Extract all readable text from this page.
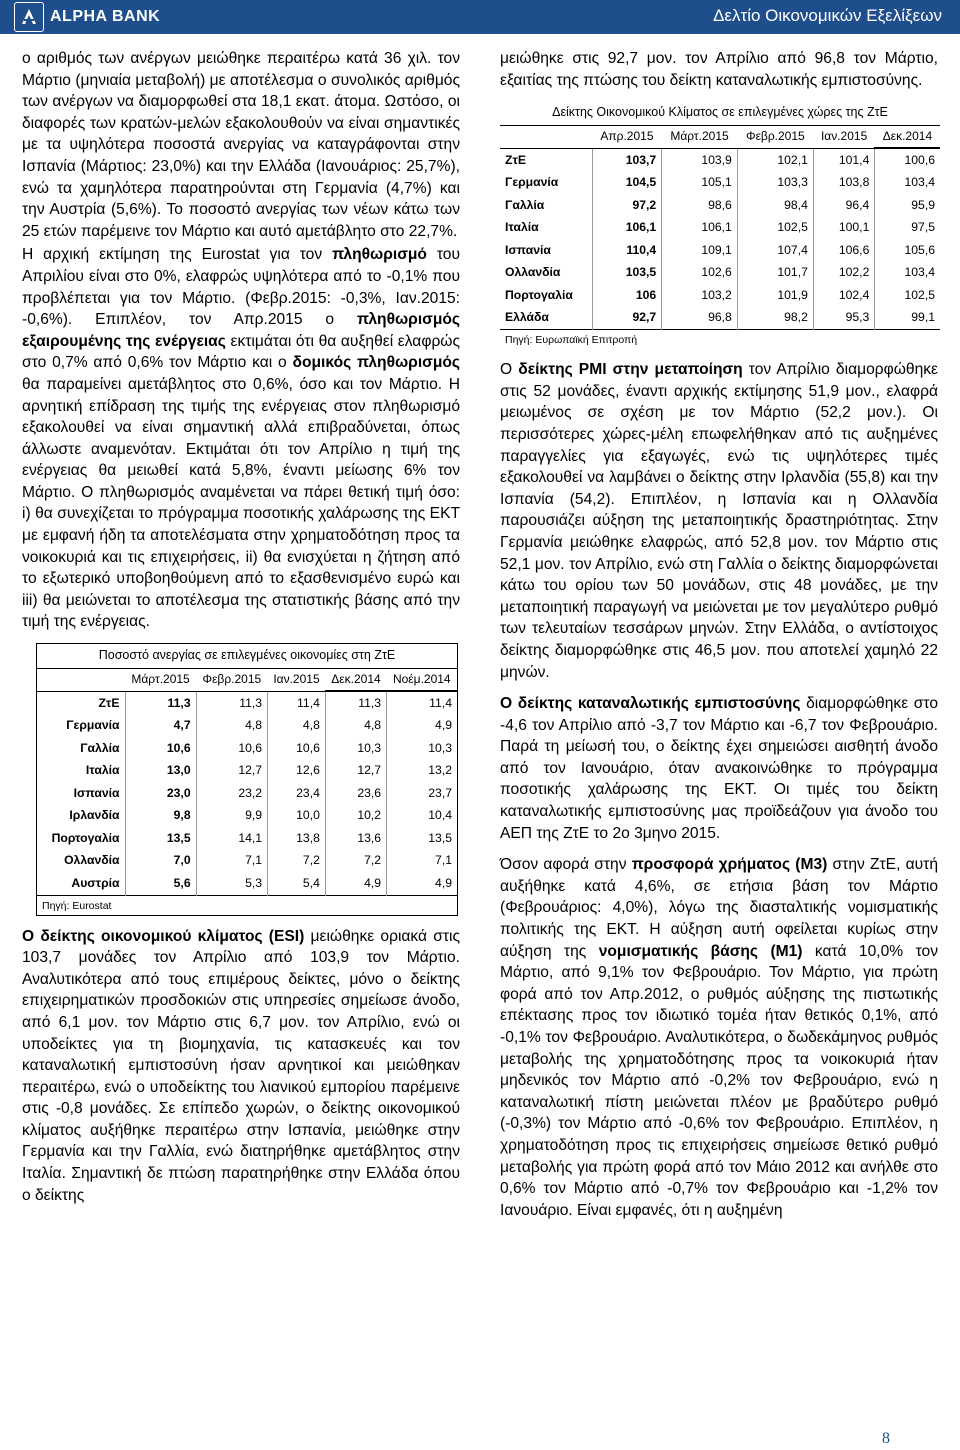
ALPHA BANK	Δελτίο Οικονομικών Εξελίξεων

ο αριθμός των ανέργων μειώθηκε περαιτέρω κατά 36 χιλ. τον Μάρτιο (μηνιαία μεταβολή) με αποτέλεσμα ο συνολικός αριθμός των ανέργων να διαμορφωθεί στα 18,1 εκατ. άτομα. Ωστόσο, οι διαφορές των κρατών-μελών εξακολουθούν να είναι σημαντικές με τα υψηλότερα ποσοστά ανεργίας να καταγράφονται στην Ισπανία (Μάρτιος: 23,0%) και την Ελλάδα (Ιανουάριος: 25,7%), ενώ τα χαμηλότερα παρατηρούνται στη Γερμανία (4,7%) και την Αυστρία (5,6%). Το ποσοστό ανεργίας των νέων κάτω των 25 ετών παρέμεινε τον Μάρτιο και αυτό αμετάβλητο στο 22,7%.

Η αρχική εκτίμηση της Eurostat για τον πληθωρισμό του Απριλίου είναι στο 0%, ελαφρώς υψηλότερα από το -0,1% που προβλέπεται για τον Μάρτιο. (Φεβρ.2015: -0,3%, Ιαν.2015: -0,6%). Επιπλέον, τον Απρ.2015 ο πληθωρισμός εξαιρουμένης της ενέργειας εκτιμάται ότι θα αυξηθεί ελαφρώς στο 0,7% από 0,6% τον Μάρτιο και ο δομικός πληθωρισμός θα παραμείνει αμετάβλητος στο 0,6%, όσο και τον Μάρτιο. Η αρνητική επίδραση της τιμής της ενέργειας στον πληθωρισμό εξακολουθεί να είναι σημαντική αλλά επιβραδύνεται, όπως άλλωστε αναμενόταν. Εκτιμάται ότι τον Απρίλιο η τιμή της ενέργειας θα μειωθεί κατά 5,8%, έναντι μείωσης 6% τον Μάρτιο. Ο πληθωρισμός αναμένεται να πάρει θετική τιμή όσο: i) θα συνεχίζεται το πρόγραμμα ποσοτικής χαλάρωσης της ΕΚΤ με εμφανή ήδη τα αποτελέσματα στην χρηματοδότηση προς τα νοικοκυριά και τις επιχειρήσεις, ii) θα ενισχύεται η ζήτηση από το εξωτερικό υποβοηθούμενη από το εξασθενισμένο ευρώ και iii) θα μειώνεται το αποτέλεσμα της στατιστικής βάσης από την τιμή της ενέργειας.

Ποσοστό ανεργίας σε επιλεγμένες οικονομίες στη ΖτΕ					
	Μάρτ.2015	Φεβρ.2015	Ιαν.2015	Δεκ.2014	Νοέμ.2014
ΖτΕ	11,3	11,3	11,4	11,3	11,4
Γερμανία	4,7	4,8	4,8	4,8	4,9
Γαλλία	10,6	10,6	10,6	10,3	10,3
Ιταλία	13,0	12,7	12,6	12,7	13,2
Ισπανία	23,0	23,2	23,4	23,6	23,7
Ιρλανδία	9,8	9,9	10,0	10,2	10,4
Πορτογαλία	13,5	14,1	13,8	13,6	13,5
Ολλανδία	7,0	7,1	7,2	7,2	7,1
Αυστρία	5,6	5,3	5,4	4,9	4,9
Πηγή: Eurostat					

Ο δείκτης οικονομικού κλίματος (ESI) μειώθηκε οριακά στις 103,7 μονάδες τον Απρίλιο από 103,9 τον Μάρτιο. Αναλυτικότερα από τους επιμέρους δείκτες, μόνο ο δείκτης επιχειρηματικών προσδοκιών στις υπηρεσίες σημείωσε άνοδο, από 6,1 μον. τον Μάρτιο στις 6,7 μον. τον Απρίλιο, ενώ οι υποδείκτες για τη βιομηχανία, τις κατασκευές και τον καταναλωτική εμπιστοσύνη ήσαν αρνητικοί και μειώθηκαν περαιτέρω, ενώ ο υποδείκτης του λιανικού εμπορίου παρέμεινε στις -0,8 μονάδες. Σε επίπεδο χωρών, ο δείκτης οικονομικού κλίματος αυξήθηκε περαιτέρω στην Ισπανία, μειώθηκε στην Γερμανία και την Γαλλία, ενώ διατηρήθηκε αμετάβλητος στην Ιταλία. Σημαντική δε πτώση παρατηρήθηκε στην Ελλάδα όπου ο δείκτης

μειώθηκε στις 92,7 μον. τον Απρίλιο από 96,8 τον Μάρτιο, εξαιτίας της πτώσης του δείκτη καταναλωτικής εμπιστοσύνης.

Δείκτης Οικονομικού Κλίματος σε επιλεγμένες χώρες της ΖτΕ					
	Απρ.2015	Μάρτ.2015	Φεβρ.2015	Ιαν.2015	Δεκ.2014
ΖτΕ	103,7	103,9	102,1	101,4	100,6
Γερμανία	104,5	105,1	103,3	103,8	103,4
Γαλλία	97,2	98,6	98,4	96,4	95,9
Ιταλία	106,1	106,1	102,5	100,1	97,5
Ισπανία	110,4	109,1	107,4	106,6	105,6
Ολλανδία	103,5	102,6	101,7	102,2	103,4
Πορτογαλία	106	103,2	101,9	102,4	102,5
Ελλάδα	92,7	96,8	98,2	95,3	99,1
Πηγή: Ευρωπαϊκή Επιτροπή					

Ο δείκτης PMI στην μεταποίηση τον Απρίλιο διαμορφώθηκε στις 52 μονάδες, έναντι αρχικής εκτίμησης 51,9 μον., ελαφρά μειωμένος σε σχέση με τον Μάρτιο (52,2 μον.). Οι περισσότερες χώρες-μέλη επωφελήθηκαν από τις αυξημένες παραγγελίες για εξαγωγές, ενώ τις υψηλότερες τιμές εξακολουθεί να λαμβάνει ο δείκτης στην Ιρλανδία (55,8) και την Ισπανία (54,2). Επιπλέον, η Ισπανία και η Ολλανδία παρουσιάζει αύξηση της μεταποιητικής δραστηριότητας. Στην Γερμανία μειώθηκε ελαφρώς, από 52,8 μον. τον Μάρτιο στις 52,1 μον. τον Απρίλιο, ενώ στη Γαλλία ο δείκτης διαμορφώνεται κάτω του ορίου των 50 μονάδων, στις 48 μονάδες, με την μεταποιητική παραγωγή να μειώνεται με τον μεγαλύτερο ρυθμό των τελευταίων τεσσάρων μηνών. Στην Ελλάδα, ο αντίστοιχος δείκτης διαμορφώθηκε στις 46,5 μον. που αποτελεί χαμηλό 22 μηνών.

Ο δείκτης καταναλωτικής εμπιστοσύνης διαμορφώθηκε στο -4,6 τον Απρίλιο από -3,7 τον Μάρτιο και -6,7 τον Φεβρουάριο. Παρά τη μείωσή του, ο δείκτης έχει σημειώσει αισθητή άνοδο από τον Ιανουάριο, όταν ανακοινώθηκε το πρόγραμμα ποσοτικής χαλάρωσης της ΕΚΤ. Οι τιμές του δείκτη καταναλωτικής εμπιστοσύνης μας προϊδεάζουν για άνοδο του ΑΕΠ της ΖτΕ το 2ο 3μηνο 2015.

Όσον αφορά στην προσφορά χρήματος (M3) στην ΖτΕ, αυτή αυξήθηκε κατά 4,6%, σε ετήσια βάση τον Μάρτιο (Φεβρουάριος: 4,0%), λόγω της διασταλτικής νομισματικής πολιτικής της ΕΚΤ. Η αύξηση αυτή οφείλεται κυρίως στην αύξηση της νομισματικής βάσης (M1) κατά 10,0% τον Μάρτιο, από 9,1% τον Φεβρουάριο. Τον Μάρτιο, για πρώτη φορά από τον Απρ.2012, ο ρυθμός αύξησης της πιστωτικής επέκτασης προς τον ιδιωτικό τομέα ήταν θετικός 0,1%, από -0,1% τον Φεβρουάριο. Αναλυτικότερα, ο δωδεκάμηνος ρυθμός μεταβολής της χρηματοδότησης προς τα νοικοκυριά ήταν μηδενικός τον Μάρτιο από -0,2% τον Φεβρουάριο, ενώ η καταναλωτική πίστη μειώνεται πλέον με βραδύτερο ρυθμό (-0,3%) τον Μάρτιο από -0,6% τον Φεβρουάριο. Επιπλέον, η χρηματοδότηση προς τις επιχειρήσεις σημείωσε θετικό ρυθμό μεταβολής για πρώτη φορά από τον Μάιο 2012 και ανήλθε στο 0,6% τον Μάρτιο από -0,7% τον Φεβρουάριο και -1,2% τον Ιανουάριο. Είναι εμφανές, ότι η αυξημένη

8
